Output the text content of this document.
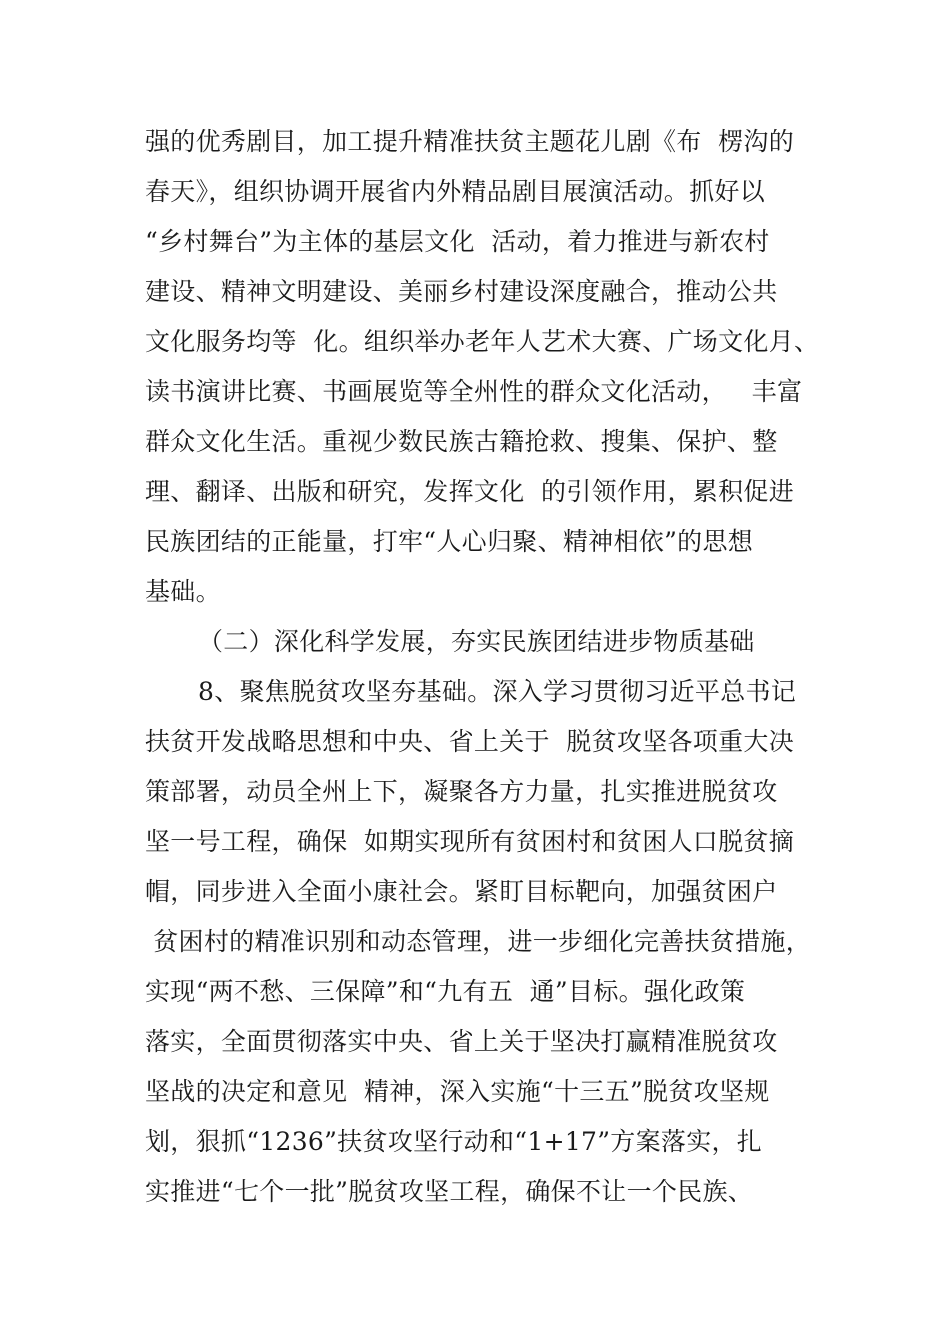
强的优秀剧目，加工提升精准扶贫主题花儿剧《布  楞沟的
春天》，组织协调开展省内外精品剧目展演活动。抓好以
“乡村舞台”为主体的基层文化  活动，着力推进与新农村
建设、精神文明建设、美丽乡村建设深度融合，推动公共
文化服务均等  化。组织举办老年人艺术大赛、广场文化月、
读书演讲比赛、书画展览等全州性的群众文化活动，   丰富
群众文化生活。重视少数民族古籍抢救、搜集、保护、整
理、翻译、出版和研究，发挥文化  的引领作用，累积促进
民族团结的正能量，打牢“人心归聚、精神相依”的思想
基础。
（二）深化科学发展，夯实民族团结进步物质基础
8、聚焦脱贫攻坚夯基础。深入学习贯彻习近平总书记
扶贫开发战略思想和中央、省上关于  脱贫攻坚各项重大决
策部署，动员全州上下，凝聚各方力量，扎实推进脱贫攻
坚一号工程，确保  如期实现所有贫困村和贫困人口脱贫摘
帽，同步进入全面小康社会。紧盯目标靶向，加强贫困户
贫困村的精准识别和动态管理，进一步细化完善扶贫措施，
实现“两不愁、三保障”和“九有五  通”目标。强化政策
落实，全面贯彻落实中央、省上关于坚决打赢精准脱贫攻
坚战的决定和意见  精神，深入实施“十三五”脱贫攻坚规
划，狠抓“1236”扶贫攻坚行动和“1+17”方案落实，扎
实推进“七个一批”脱贫攻坚工程，确保不让一个民族、
